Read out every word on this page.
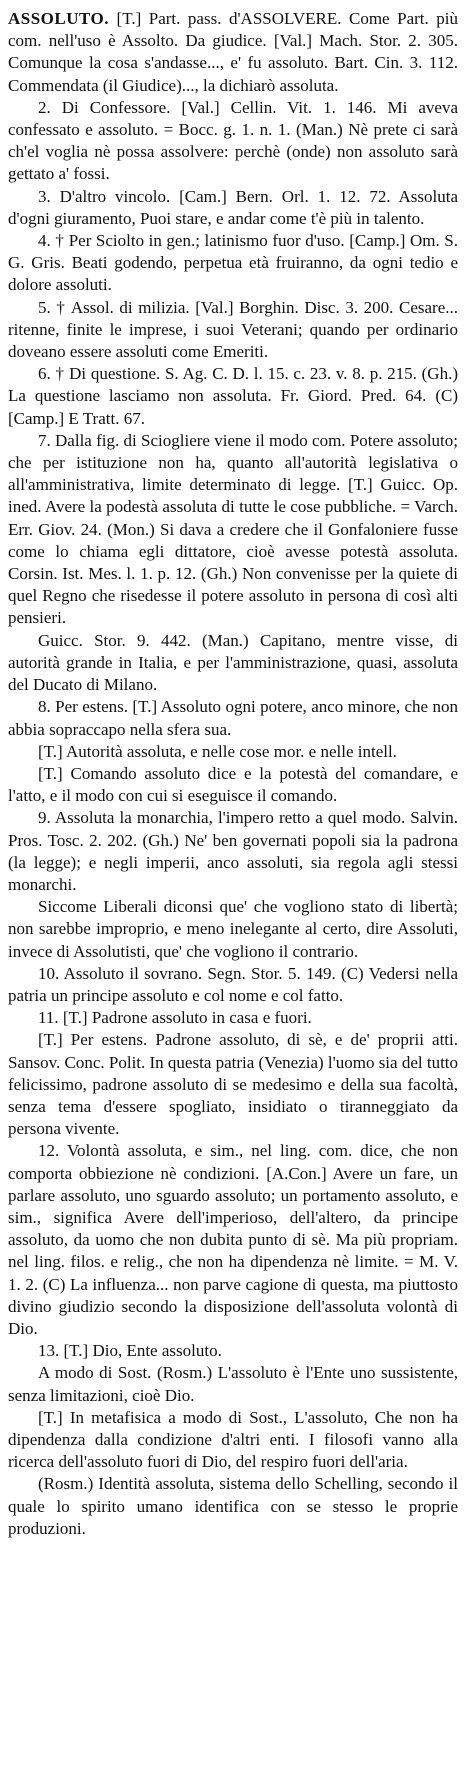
ASSOLUTO. [T.] Part. pass. d'ASSOLVERE. Come Part. più com. nell'uso è Assolto. Da giudice. [Val.] Mach. Stor. 2. 305. Comunque la cosa s'andasse..., e' fu assoluto. Bart. Cin. 3. 112. Commendata (il Giudice)..., la dichiarò assoluta.
2. Di Confessore. [Val.] Cellin. Vit. 1. 146. Mi aveva confessato e assoluto. = Bocc. g. 1. n. 1. (Man.) Nè prete ci sarà ch'el voglia nè possa assolvere: perchè (onde) non assoluto sarà gettato a' fossi.
3. D'altro vincolo. [Cam.] Bern. Orl. 1. 12. 72. Assoluta d'ogni giuramento, Puoi stare, e andar come t'è più in talento.
4. † Per Sciolto in gen.; latinismo fuor d'uso. [Camp.] Om. S. G. Gris. Beati godendo, perpetua età fruiranno, da ogni tedio e dolore assoluti.
5. † Assol. di milizia. [Val.] Borghin. Disc. 3. 200. Cesare... ritenne, finite le imprese, i suoi Veterani; quando per ordinario doveano essere assoluti come Emeriti.
6. † Di questione. S. Ag. C. D. l. 15. c. 23. v. 8. p. 215. (Gh.) La questione lasciamo non assoluta. Fr. Giord. Pred. 64. (C) [Camp.] E Tratt. 67.
7. Dalla fig. di Sciogliere viene il modo com. Potere assoluto; che per istituzione non ha, quanto all'autorità legislativa o all'amministrativa, limite determinato di legge. [T.] Guicc. Op. ined. Avere la podestà assoluta di tutte le cose pubbliche. = Varch. Err. Giov. 24. (Mon.) Si dava a credere che il Gonfaloniere fusse come lo chiama egli dittatore, cioè avesse potestà assoluta. Corsin. Ist. Mes. l. 1. p. 12. (Gh.) Non convenisse per la quiete di quel Regno che risedesse il potere assoluto in persona di così alti pensieri.
Guicc. Stor. 9. 442. (Man.) Capitano, mentre visse, di autorità grande in Italia, e per l'amministrazione, quasi, assoluta del Ducato di Milano.
8. Per estens. [T.] Assoluto ogni potere, anco minore, che non abbia sopraccapo nella sfera sua.
[T.] Autorità assoluta, e nelle cose mor. e nelle intell.
[T.] Comando assoluto dice e la potestà del comandare, e l'atto, e il modo con cui si eseguisce il comando.
9. Assoluta la monarchia, l'impero retto a quel modo. Salvin. Pros. Tosc. 2. 202. (Gh.) Ne' ben governati popoli sia la padrona (la legge); e negli imperii, anco assoluti, sia regola agli stessi monarchi.
Siccome Liberali diconsi que' che vogliono stato di libertà; non sarebbe improprio, e meno inelegante al certo, dire Assoluti, invece di Assolutisti, que' che vogliono il contrario.
10. Assoluto il sovrano. Segn. Stor. 5. 149. (C) Vedersi nella patria un principe assoluto e col nome e col fatto.
11. [T.] Padrone assoluto in casa e fuori.
[T.] Per estens. Padrone assoluto, di sè, e de' proprii atti. Sansov. Conc. Polit. In questa patria (Venezia) l'uomo sia del tutto felicissimo, padrone assoluto di se medesimo e della sua facoltà, senza tema d'essere spogliato, insidiato o tiranneggiato da persona vivente.
12. Volontà assoluta, e sim., nel ling. com. dice, che non comporta obbiezione nè condizioni. [A.Con.] Avere un fare, un parlare assoluto, uno sguardo assoluto; un portamento assoluto, e sim., significa Avere dell'imperioso, dell'altero, da principe assoluto, da uomo che non dubita punto di sè. Ma più propriam. nel ling. filos. e relig., che non ha dipendenza nè limite. = M. V. 1. 2. (C) La influenza... non parve cagione di questa, ma piuttosto divino giudizio secondo la disposizione dell'assoluta volontà di Dio.
13. [T.] Dio, Ente assoluto.
A modo di Sost. (Rosm.) L'assoluto è l'Ente uno sussistente, senza limitazioni, cioè Dio.
[T.] In metafisica a modo di Sost., L'assoluto, Che non ha dipendenza dalla condizione d'altri enti. I filosofi vanno alla ricerca dell'assoluto fuori di Dio, del respiro fuori dell'aria.
(Rosm.) Identità assoluta, sistema dello Schelling, secondo il quale lo spirito umano identifica con se stesso le proprie produzioni.
